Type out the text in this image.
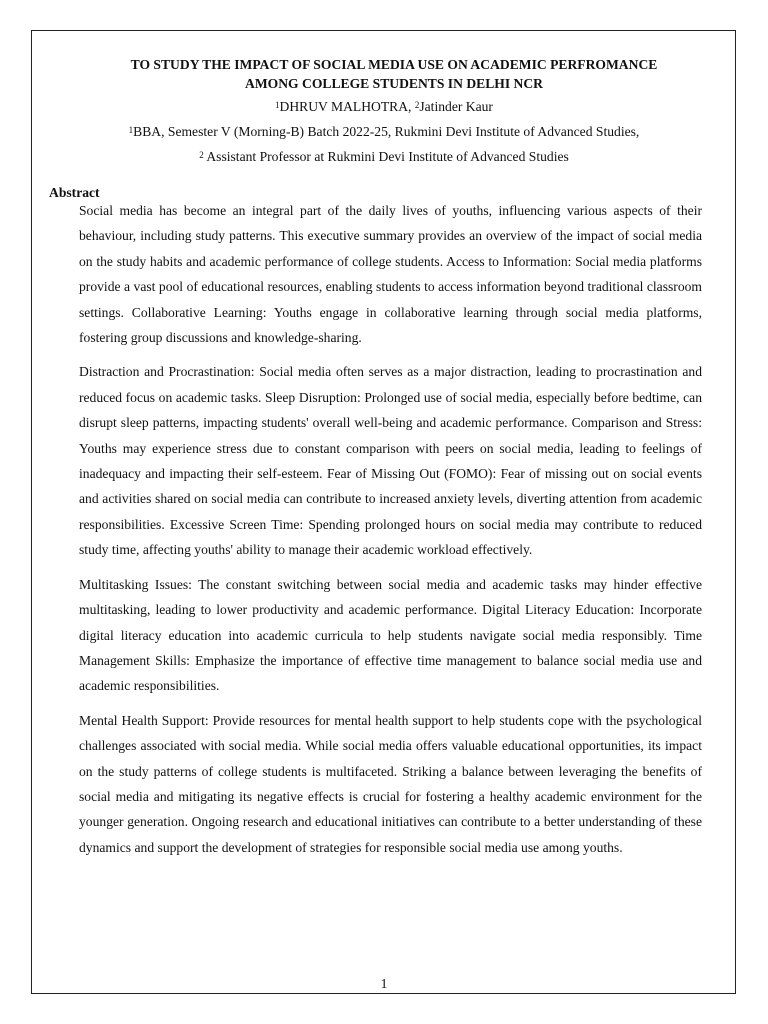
TO STUDY THE IMPACT OF SOCIAL MEDIA USE ON ACADEMIC PERFROMANCE
AMONG COLLEGE STUDENTS IN DELHI NCR

$^1$DHRUV MALHOTRA, $^2$Jatinder Kaur

$^1$BBA, Semester V (Morning-B) Batch 2022-25, Rukmini Devi Institute of Advanced Studies,

$^2$ Assistant Professor at Rukmini Devi Institute of Advanced Studies

Abstract

Social media has become an integral part of the daily lives of youths, influencing various aspects of their behaviour, including study patterns. This executive summary provides an overview of the impact of social media on the study habits and academic performance of college students. Access to Information: Social media platforms provide a vast pool of educational resources, enabling students to access information beyond traditional classroom settings. Collaborative Learning: Youths engage in collaborative learning through social media platforms, fostering group discussions and knowledge-sharing.

Distraction and Procrastination: Social media often serves as a major distraction, leading to procrastination and reduced focus on academic tasks. Sleep Disruption: Prolonged use of social media, especially before bedtime, can disrupt sleep patterns, impacting students' overall well-being and academic performance. Comparison and Stress: Youths may experience stress due to constant comparison with peers on social media, leading to feelings of inadequacy and impacting their self-esteem. Fear of Missing Out (FOMO): Fear of missing out on social events and activities shared on social media can contribute to increased anxiety levels, diverting attention from academic responsibilities. Excessive Screen Time: Spending prolonged hours on social media may contribute to reduced study time, affecting youths' ability to manage their academic workload effectively.

Multitasking Issues: The constant switching between social media and academic tasks may hinder effective multitasking, leading to lower productivity and academic performance. Digital Literacy Education: Incorporate digital literacy education into academic curricula to help students navigate social media responsibly. Time Management Skills: Emphasize the importance of effective time management to balance social media use and academic responsibilities.

Mental Health Support: Provide resources for mental health support to help students cope with the psychological challenges associated with social media. While social media offers valuable educational opportunities, its impact on the study patterns of college students is multifaceted. Striking a balance between leveraging the benefits of social media and mitigating its negative effects is crucial for fostering a healthy academic environment for the younger generation. Ongoing research and educational initiatives can contribute to a better understanding of these dynamics and support the development of strategies for responsible social media use among youths.

1
